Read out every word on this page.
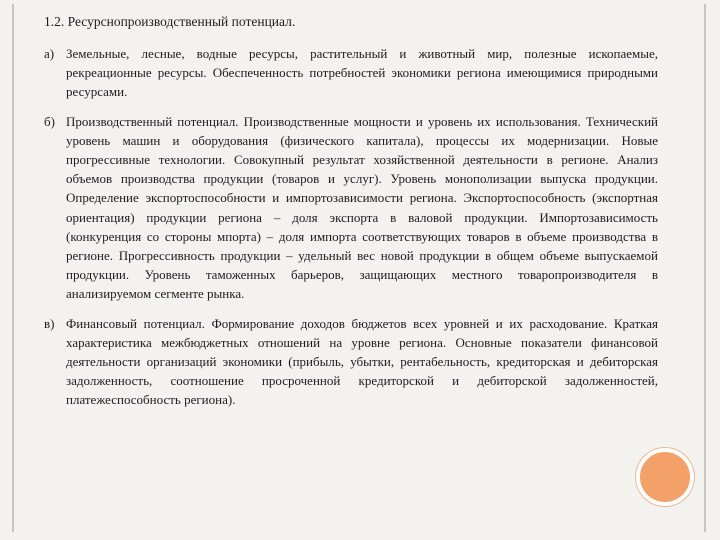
1.2. Ресурснопроизводственный потенциал.
а) Земельные, лесные, водные ресурсы, растительный и животный мир, полезные ископаемые, рекреационные ресурсы. Обеспеченность потребностей экономики региона имеющимися природными ресурсами.
б) Производственный потенциал. Производственные мощности и уровень их использования. Технический уровень машин и оборудования (физического капитала), процессы их модернизации. Новые прогрессивные технологии. Совокупный результат хозяйственной деятельности в регионе. Анализ объемов производства продукции (товаров и услуг). Уровень монополизации выпуска продукции. Определение экспортоспособности и импортозависимости региона. Экспортоспособность (экспортная ориентация) продукции региона – доля экспорта в валовой продукции. Импортозависимость (конкуренция со стороны мпорта) – доля импорта соответствующих товаров в объеме производства в регионе. Прогрессивность продукции – удельный вес новой продукции в общем объеме выпускаемой продукции. Уровень таможенных барьеров, защищающих местного товаропроизводителя в анализируемом сегменте рынка.
в) Финансовый потенциал. Формирование доходов бюджетов всех уровней и их расходование. Краткая характеристика межбюджетных отношений на уровне региона. Основные показатели финансовой деятельности организаций экономики (прибыль, убытки, рентабельность, кредиторская и дебиторская задолженность, соотношение просроченной кредиторской и дебиторской задолженностей, платежеспособность региона).
